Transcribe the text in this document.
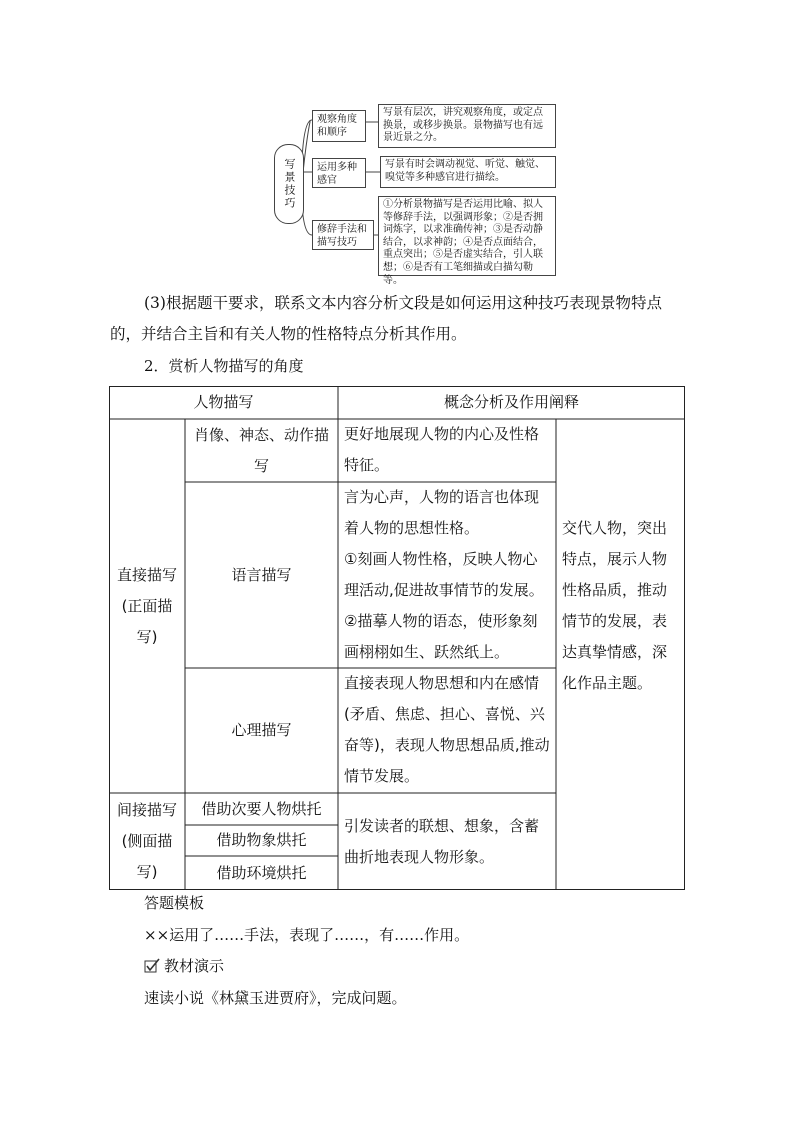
写景技巧
观察角度和顺序
写景有层次，讲究观察角度，或定点换景，或移步换景。景物描写也有远景近景之分。
运用多种感官
写景有时会调动视觉、听觉、触觉、嗅觉等多种感官进行描绘。
修辞手法和描写技巧
①分析景物描写是否运用比喻、拟人等修辞手法，以强调形象；②是否拥词炼字，以求准确传神；③是否动静结合，以求神韵；④是否点面结合，重点突出；⑤是否虚实结合，引人联想；⑥是否有工笔细描或白描勾勒等。
(3)根据题干要求，联系文本内容分析文段是如何运用这种技巧表现景物特点
的，并结合主旨和有关人物的性格特点分析其作用。
2．赏析人物描写的角度
人物描写	概念分析及作用阐释
直接描写(正面描写)
肖像、神态、动作描写
更好地展现人物的内心及性格特征。
语言描写
言为心声，人物的语言也体现着人物的思想性格。
①刻画人物性格，反映人物心理活动,促进故事情节的发展。
②描摹人物的语态，使形象刻画栩栩如生、跃然纸上。
心理描写
直接表现人物思想和内在感情(矛盾、焦虑、担心、喜悦、兴奋等)，表现人物思想品质,推动情节发展。
间接描写(侧面描写)
借助次要人物烘托
借助物象烘托
借助环境烘托
引发读者的联想、想象，含蓄曲折地表现人物形象。
交代人物，突出特点，展示人物性格品质，推动情节的发展，表达真挚情感，深化作品主题。
答题模板
××运用了……手法，表现了……，有……作用。
教材演示
速读小说《林黛玉进贾府》，完成问题。
